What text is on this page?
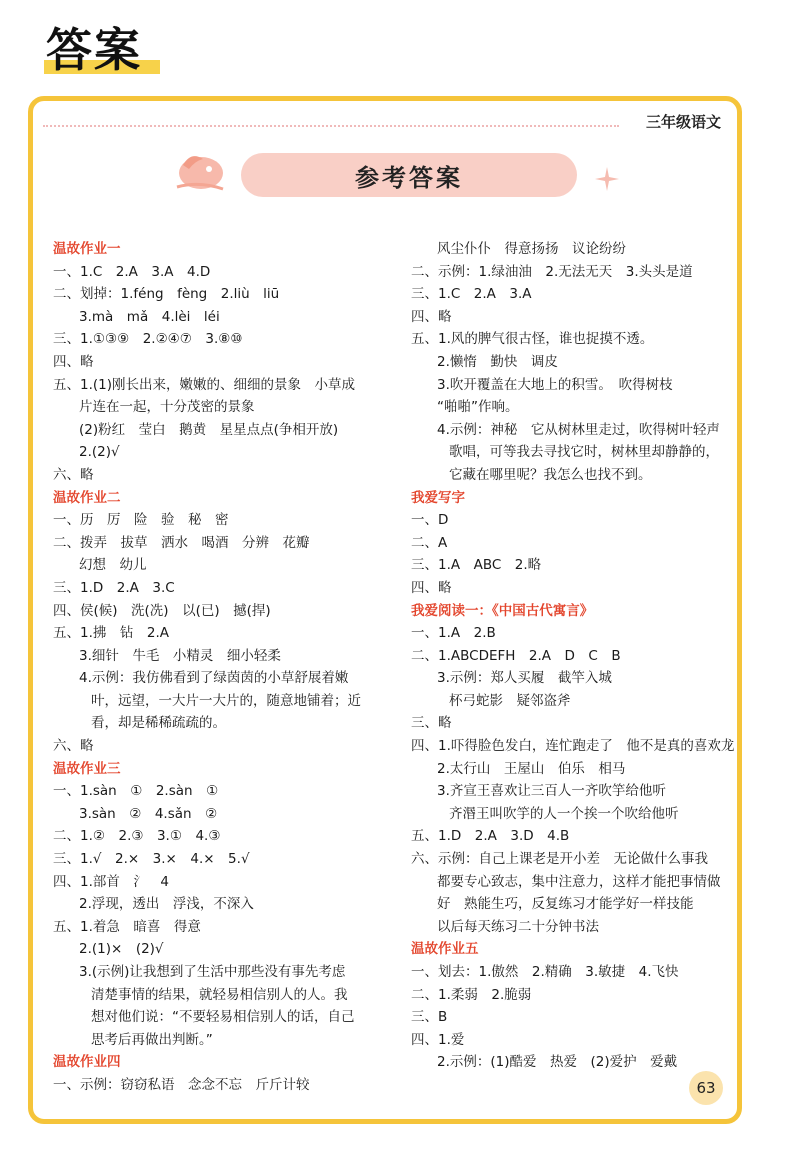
答案
三年级语文
参考答案
温故作业一
一、1.C　2.A　3.A　4.D
二、划掉：1.féng　fèng　2.liù　liū
3.mà　mǎ　4.lèi　léi
三、1.①③⑨　2.②④⑦　3.⑧⑩
四、略
五、1.(1)刚长出来，嫩嫩的、细细的景象　小草成
片连在一起，十分茂密的景象
(2)粉红　莹白　鹅黄　星星点点(争相开放)
2.(2)√
六、略
温故作业二
一、历　厉　险　验　秘　密
二、拨弄　拔草　洒水　喝酒　分辨　花瓣
幻想　幼儿
三、1.D　2.A　3.C
四、侯(候)　洗(冼)　以(已)　撼(捍)
五、1.拂　钻　2.A
3.细针　牛毛　小精灵　细小轻柔
4.示例：我仿佛看到了绿茵茵的小草舒展着嫩
叶，远望，一大片一大片的，随意地铺着；近
看，却是稀稀疏疏的。
六、略
温故作业三
一、1.sàn　①　2.sàn　①
3.sàn　②　4.sǎn　②
二、1.②　2.③　3.①　4.③
三、1.√　2.×　3.×　4.×　5.√
四、1.部首　氵　4
2.浮现，透出　浮浅，不深入
五、1.着急　暗喜　得意
2.(1)×　(2)√
3.(示例)让我想到了生活中那些没有事先考虑
清楚事情的结果，就轻易相信别人的人。我
想对他们说：“不要轻易相信别人的话，自己
思考后再做出判断。”
温故作业四
一、示例：窃窃私语　念念不忘　斤斤计较
风尘仆仆　得意扬扬　议论纷纷
二、示例：1.绿油油　2.无法无天　3.头头是道
三、1.C　2.A　3.A
四、略
五、1.风的脾气很古怪，谁也捉摸不透。
2.懒惰　勤快　调皮
3.吹开覆盖在大地上的积雪。　吹得树枝
“啪啪”作响。
4.示例：神秘　它从树林里走过，吹得树叶轻声
歌唱，可等我去寻找它时，树林里却静静的，
它藏在哪里呢？我怎么也找不到。
我爱写字
一、D
二、A
三、1.A　ABC　2.略
四、略
我爱阅读一：《中国古代寓言》
一、1.A　2.B
二、1.ABCDEFH　2.A　D　C　B
3.示例：郑人买履　截竿入城
杯弓蛇影　疑邻盗斧
三、略
四、1.吓得脸色发白，连忙跑走了　他不是真的喜欢龙
2.太行山　王屋山　伯乐　相马
3.齐宣王喜欢让三百人一齐吹竽给他听
齐湣王叫吹竽的人一个挨一个吹给他听
五、1.D　2.A　3.D　4.B
六、示例：自己上课老是开小差　无论做什么事我
都要专心致志，集中注意力，这样才能把事情做
好　熟能生巧，反复练习才能学好一样技能
以后每天练习二十分钟书法
温故作业五
一、划去：1.傲然　2.精确　3.敏捷　4.飞快
二、1.柔弱　2.脆弱
三、B
四、1.爱
2.示例：(1)酷爱　热爱　(2)爱护　爱戴
63
